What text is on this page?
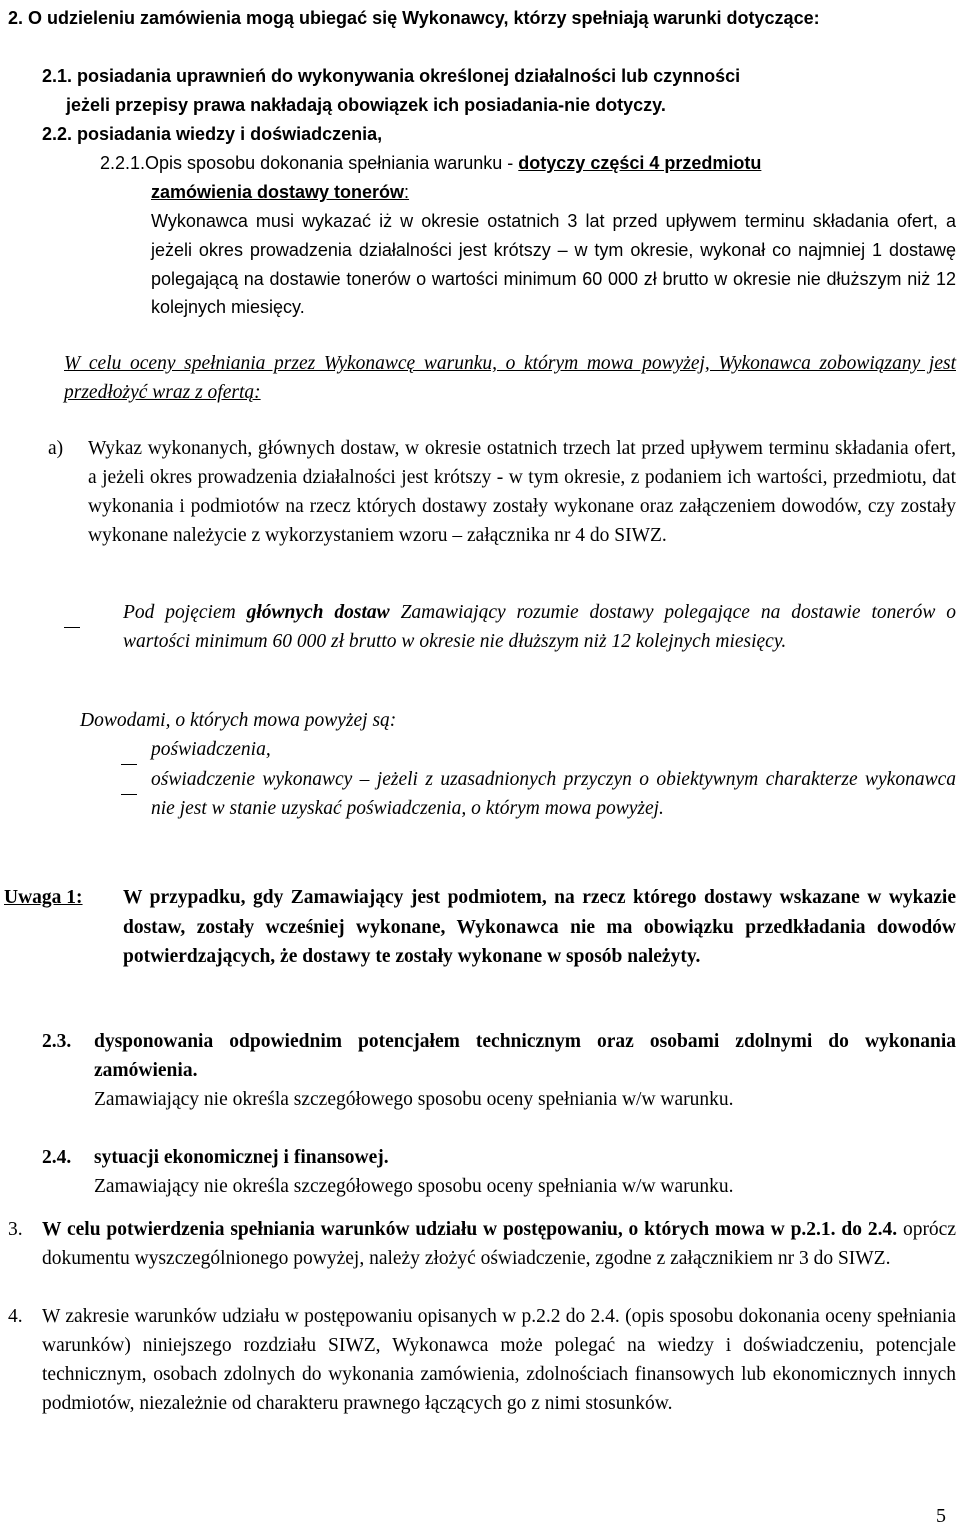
2. O udzieleniu zamówienia mogą ubiegać się Wykonawcy, którzy spełniają warunki dotyczące:
2.1. posiadania uprawnień do wykonywania określonej działalności lub czynności
jeżeli przepisy prawa nakładają obowiązek ich posiadania-nie dotyczy.
2.2. posiadania wiedzy i doświadczenia,
2.2.1.Opis sposobu dokonania spełniania warunku - dotyczy części 4 przedmiotu
zamówienia dostawy tonerów:
Wykonawca musi wykazać iż w okresie ostatnich 3 lat przed upływem terminu składania ofert, a jeżeli okres prowadzenia działalności jest krótszy – w tym okresie, wykonał co najmniej 1 dostawę polegającą na dostawie tonerów o wartości minimum 60 000 zł brutto w okresie nie dłuższym niż 12 kolejnych miesięcy.
W celu oceny spełniania przez Wykonawcę warunku, o którym mowa powyżej, Wykonawca zobowiązany jest przedłożyć wraz z ofertą:
a) Wykaz wykonanych, głównych dostaw, w okresie ostatnich trzech lat przed upływem terminu składania ofert, a jeżeli okres prowadzenia działalności jest krótszy - w tym okresie, z podaniem ich wartości, przedmiotu, dat wykonania i podmiotów na rzecz których dostawy zostały wykonane oraz załączeniem dowodów, czy zostały wykonane należycie z wykorzystaniem wzoru – załącznika nr 4 do SIWZ.
Pod pojęciem głównych dostaw Zamawiający rozumie dostawy polegające na dostawie tonerów o wartości minimum 60 000 zł brutto w okresie nie dłuższym niż 12 kolejnych miesięcy.
Dowodami, o których mowa powyżej są:
poświadczenia,
oświadczenie wykonawcy – jeżeli z uzasadnionych przyczyn o obiektywnym charakterze wykonawca nie jest w stanie uzyskać poświadczenia, o którym mowa powyżej.
Uwaga 1: W przypadku, gdy Zamawiający jest podmiotem, na rzecz którego dostawy wskazane w wykazie dostaw, zostały wcześniej wykonane, Wykonawca nie ma obowiązku przedkładania dowodów potwierdzających, że dostawy te zostały wykonane w sposób należyty.
2.3. dysponowania odpowiednim potencjałem technicznym oraz osobami zdolnymi do wykonania zamówienia.
Zamawiający nie określa szczegółowego sposobu oceny spełniania w/w warunku.
2.4. sytuacji ekonomicznej i finansowej.
Zamawiający nie określa szczegółowego sposobu oceny spełniania w/w warunku.
3. W celu potwierdzenia spełniania warunków udziału w postępowaniu, o których mowa w p.2.1. do 2.4. oprócz dokumentu wyszczególnionego powyżej, należy złożyć oświadczenie, zgodne z załącznikiem nr 3 do SIWZ.
4. W zakresie warunków udziału w postępowaniu opisanych w p.2.2 do 2.4. (opis sposobu dokonania oceny spełniania warunków) niniejszego rozdziału SIWZ, Wykonawca może polegać na wiedzy i doświadczeniu, potencjale technicznym, osobach zdolnych do wykonania zamówienia, zdolnościach finansowych lub ekonomicznych innych podmiotów, niezależnie od charakteru prawnego łączących go z nimi stosunków.
5
